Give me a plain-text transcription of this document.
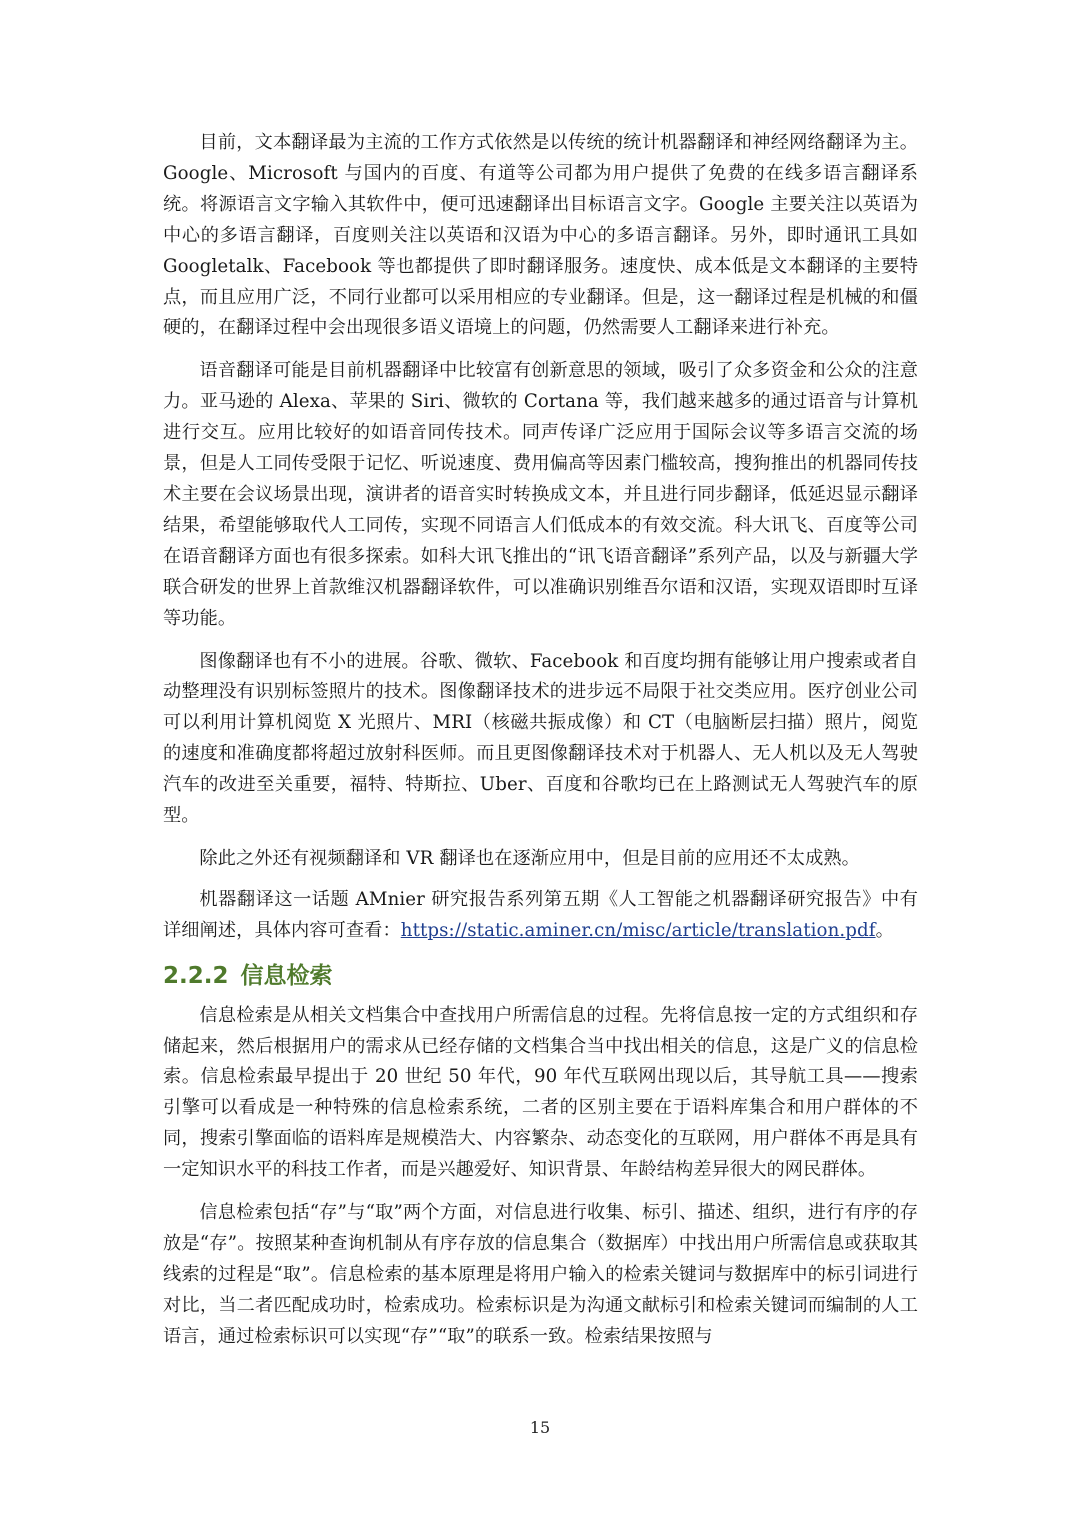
目前，文本翻译最为主流的工作方式依然是以传统的统计机器翻译和神经网络翻译为主。Google、Microsoft 与国内的百度、有道等公司都为用户提供了免费的在线多语言翻译系统。将源语言文字输入其软件中，便可迅速翻译出目标语言文字。Google 主要关注以英语为中心的多语言翻译，百度则关注以英语和汉语为中心的多语言翻译。另外，即时通讯工具如 Googletalk、Facebook 等也都提供了即时翻译服务。速度快、成本低是文本翻译的主要特点，而且应用广泛，不同行业都可以采用相应的专业翻译。但是，这一翻译过程是机械的和僵硬的，在翻译过程中会出现很多语义语境上的问题，仍然需要人工翻译来进行补充。

语音翻译可能是目前机器翻译中比较富有创新意思的领域，吸引了众多资金和公众的注意力。亚马逊的 Alexa、苹果的 Siri、微软的 Cortana 等，我们越来越多的通过语音与计算机进行交互。应用比较好的如语音同传技术。同声传译广泛应用于国际会议等多语言交流的场景，但是人工同传受限于记忆、听说速度、费用偏高等因素门槛较高，搜狗推出的机器同传技术主要在会议场景出现，演讲者的语音实时转换成文本，并且进行同步翻译，低延迟显示翻译结果，希望能够取代人工同传，实现不同语言人们低成本的有效交流。科大讯飞、百度等公司在语音翻译方面也有很多探索。如科大讯飞推出的“讯飞语音翻译”系列产品，以及与新疆大学联合研发的世界上首款维汉机器翻译软件，可以准确识别维吾尔语和汉语，实现双语即时互译等功能。

图像翻译也有不小的进展。谷歌、微软、Facebook 和百度均拥有能够让用户搜索或者自动整理没有识别标签照片的技术。图像翻译技术的进步远不局限于社交类应用。医疗创业公司可以利用计算机阅览 X 光照片、MRI（核磁共振成像）和 CT（电脑断层扫描）照片，阅览的速度和准确度都将超过放射科医师。而且更图像翻译技术对于机器人、无人机以及无人驾驶汽车的改进至关重要，福特、特斯拉、Uber、百度和谷歌均已在上路测试无人驾驶汽车的原型。

除此之外还有视频翻译和 VR 翻译也在逐渐应用中，但是目前的应用还不太成熟。

机器翻译这一话题 AMnier 研究报告系列第五期《人工智能之机器翻译研究报告》中有详细阐述，具体内容可查看：https://static.aminer.cn/misc/article/translation.pdf。

2.2.2 信息检索

信息检索是从相关文档集合中查找用户所需信息的过程。先将信息按一定的方式组织和存储起来，然后根据用户的需求从已经存储的文档集合当中找出相关的信息，这是广义的信息检索。信息检索最早提出于 20 世纪 50 年代，90 年代互联网出现以后，其导航工具——搜索引擎可以看成是一种特殊的信息检索系统，二者的区别主要在于语料库集合和用户群体的不同，搜索引擎面临的语料库是规模浩大、内容繁杂、动态变化的互联网，用户群体不再是具有一定知识水平的科技工作者，而是兴趣爱好、知识背景、年龄结构差异很大的网民群体。

信息检索包括“存”与“取”两个方面，对信息进行收集、标引、描述、组织，进行有序的存放是“存”。按照某种查询机制从有序存放的信息集合（数据库）中找出用户所需信息或获取其线索的过程是“取”。信息检索的基本原理是将用户输入的检索关键词与数据库中的标引词进行对比，当二者匹配成功时，检索成功。检索标识是为沟通文献标引和检索关键词而编制的人工语言，通过检索标识可以实现“存”“取”的联系一致。检索结果按照与

15
